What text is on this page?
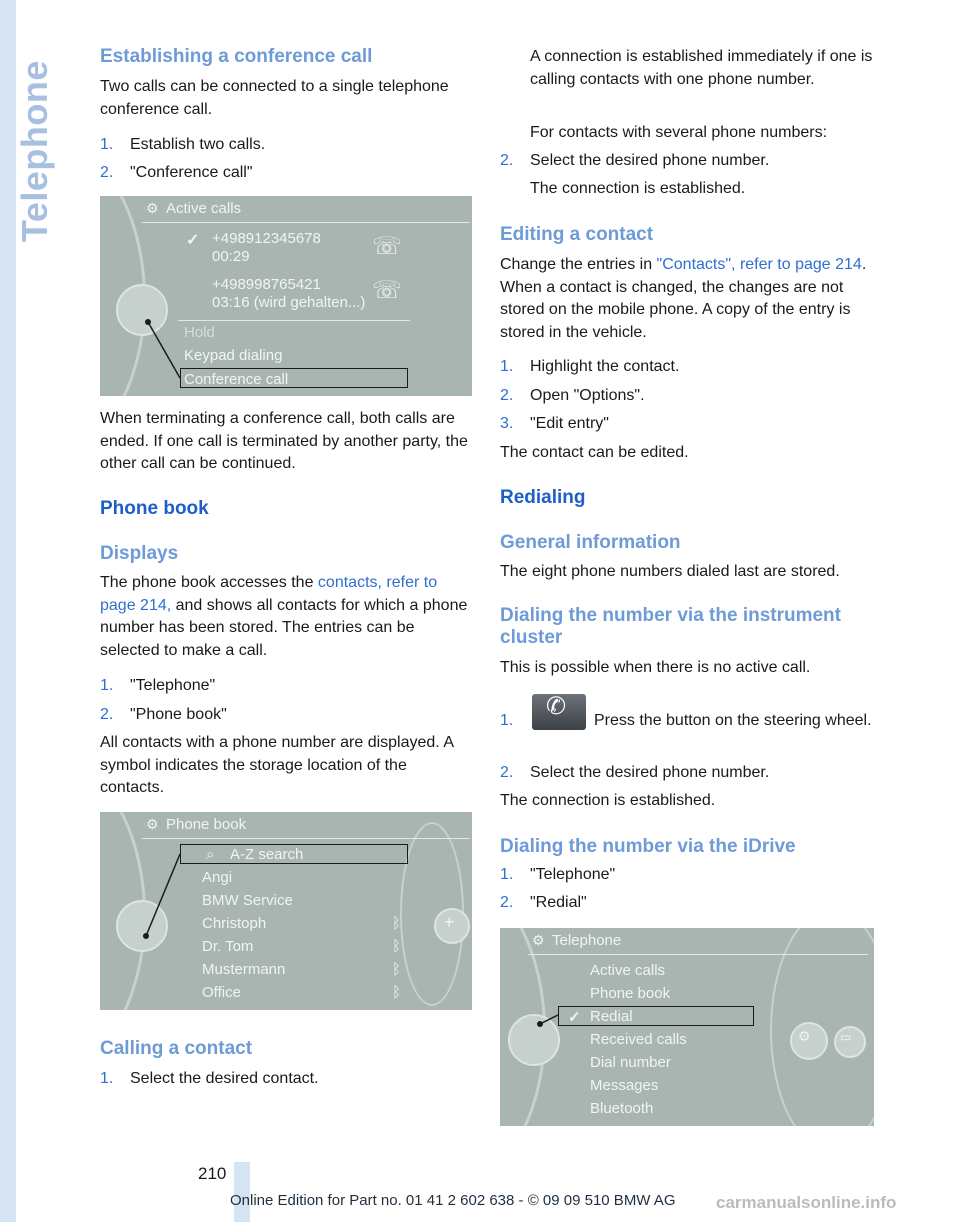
Telephone
Establishing a conference call

Two calls can be connected to a single telephone conference call.

1. Establish two calls.
2. "Conference call"
⚙ Active calls
✓ +498912345678
00:29	☏
+498998765421
03:16 (wird gehalten...) ☏
Hold
Keypad dialing
Conference call

When terminating a conference call, both calls are ended. If one call is terminated by another party, the other call can be continued.

Phone book
Displays

The phone book accesses the contacts, refer to page 214, and shows all contacts for which a phone number has been stored. The entries can be selected to make a call.

1. "Telephone"
2. "Phone book"

All contacts with a phone number are displayed. A symbol indicates the storage location of the contacts.

+
⚙ Phone book
⌕ A-Z search
Angi
BMW Service
Christoph
Dr. Tom
Mustermann
Office
ᛒ
ᛒ
ᛒ
ᛒ
Calling a contact
1. Select the desired contact.

A connection is established immediately if one is calling contacts with one phone number.

For contacts with several phone numbers:

2. Select the desired phone number.

The connection is established.

Editing a contact

Change the entries in "Contacts", refer to page 214. When a contact is changed, the changes are not stored on the mobile phone. A copy of the entry is stored in the vehicle.

1. Highlight the contact.
2. Open "Options".
3. "Edit entry"

The contact can be edited.

Redialing
General information

The eight phone numbers dialed last are stored.

Dialing the number via the instrument cluster

This is possible when there is no active call.

1.
✆
Press the button on the steering wheel.
2. Select the desired phone number.

The connection is established.

Dialing the number via the iDrive
1. "Telephone"
2. "Redial"
⚙ ▭
⚙ Telephone
Active calls
Phone book
✓ Redial
Received calls
Dial number
Messages
Bluetooth
210
Online Edition for Part no. 01 41 2 602 638 - © 09 09 510 BMW AG	carmanualsonline.info
